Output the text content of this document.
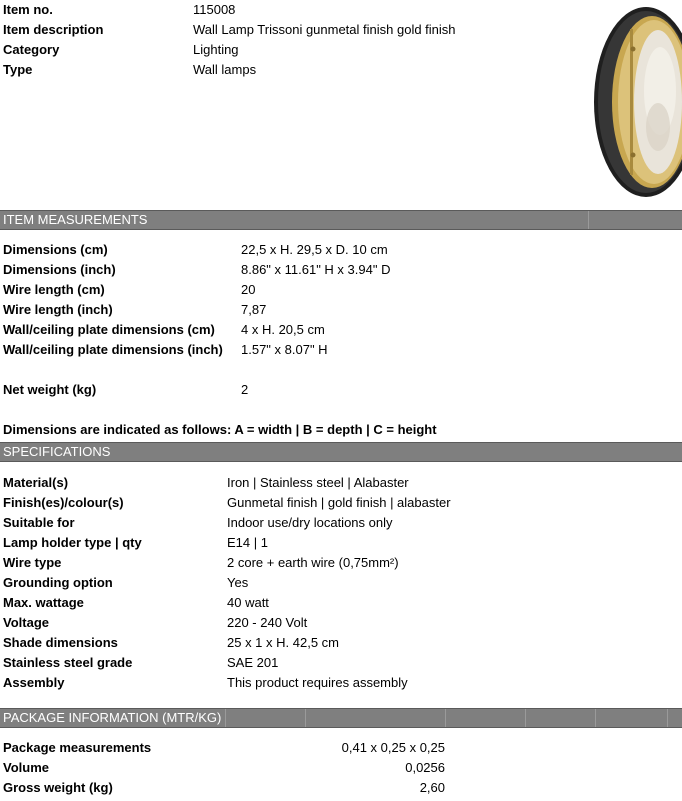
Item no.	115008
Item description	Wall Lamp Trissoni gunmetal finish gold finish
Category	Lighting
Type	Wall lamps
ITEM MEASUREMENTS
Dimensions (cm)	22,5 x H. 29,5 x D. 10 cm
Dimensions (inch)	8.86" x 11.61" H x 3.94" D
Wire length (cm)	20
Wire length (inch)	7,87
Wall/ceiling plate dimensions (cm) 4 x H. 20,5 cm
Wall/ceiling plate dimensions (inch) 1.57" x 8.07" H
Net weight (kg)	2
Dimensions are indicated as follows: A = width | B = depth | C = height
SPECIFICATIONS
Material(s)	Iron | Stainless steel | Alabaster
Finish(es)/colour(s)	Gunmetal finish | gold finish | alabaster
Suitable for	Indoor use/dry locations only
Lamp holder type | qty	E14 | 1
Wire type	2 core + earth wire (0,75mm²)
Grounding option	Yes
Max. wattage	40 watt
Voltage	220 - 240 Volt
Shade dimensions	25 x 1 x H. 42,5 cm
Stainless steel grade	SAE 201
Assembly	This product requires assembly
PACKAGE INFORMATION (MTR/KG)
Package measurements	0,41 x 0,25 x 0,25
Volume	0,0256
Gross weight (kg)	2,60
